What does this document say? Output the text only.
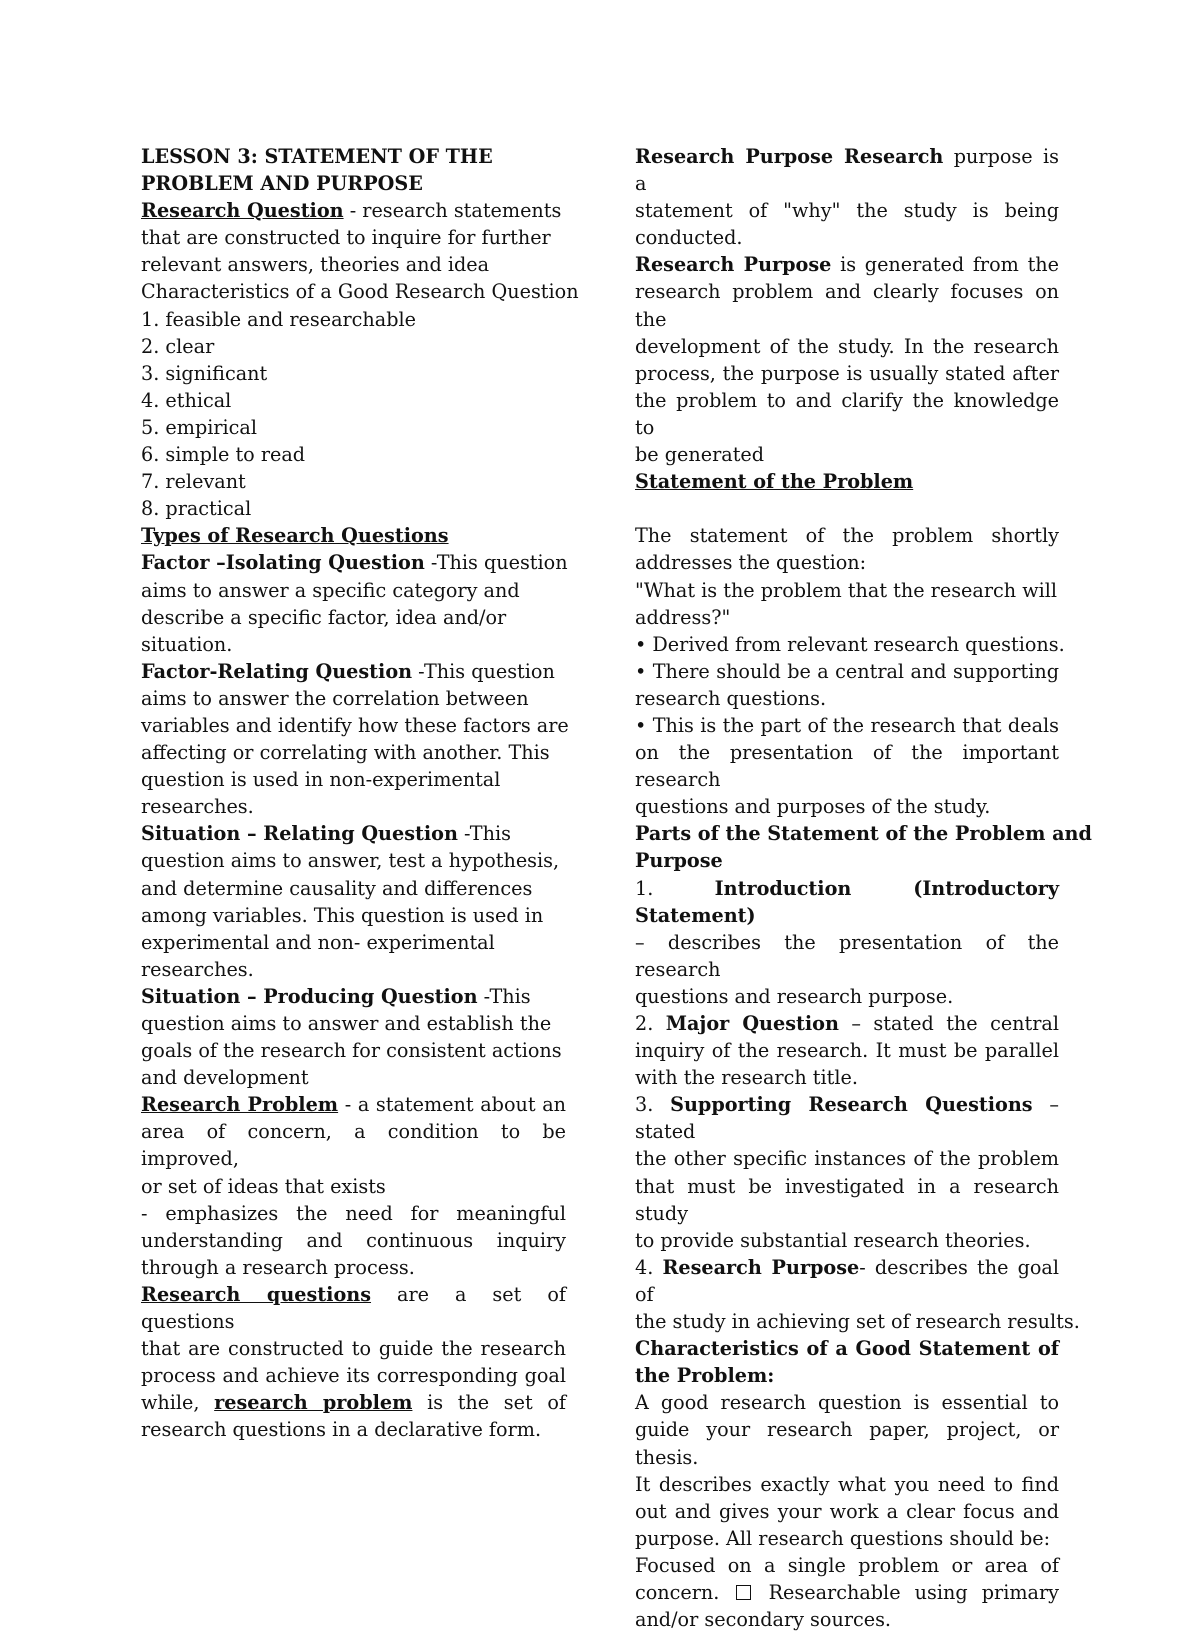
LESSON 3: STATEMENT OF THE

PROBLEM AND PURPOSE

Research Question - research statements

that are constructed to inquire for further

relevant answers, theories and idea

Characteristics of a Good Research Question

1. feasible and researchable

2. clear

3. significant

4. ethical

5. empirical

6. simple to read

7. relevant

8. practical

Types of Research Questions

Factor –Isolating Question -This question

aims to answer a specific category and

describe a specific factor, idea and/or

situation.

Factor-Relating Question -This question

aims to answer the correlation between

variables and identify how these factors are

affecting or correlating with another. This

question is used in non-experimental

researches.

Situation – Relating Question -This

question aims to answer, test a hypothesis,

and determine causality and differences

among variables. This question is used in

experimental and non- experimental

researches.

Situation – Producing Question -This

question aims to answer and establish the

goals of the research for consistent actions

and development

Research Problem - a statement about an

area of concern, a condition to be improved,

or set of ideas that exists

- emphasizes the need for meaningful

understanding and continuous inquiry

through a research process.

Research questions are a set of questions

that are constructed to guide the research

process and achieve its corresponding goal

while, research problem is the set of

research questions in a declarative form.

Research Purpose Research purpose is a

statement of "why" the study is being

conducted.

Research Purpose is generated from the

research problem and clearly focuses on the

development of the study. In the research

process, the purpose is usually stated after

the problem to and clarify the knowledge to

be generated

Statement of the Problem

The statement of the problem shortly

addresses the question:

"What is the problem that the research will

address?"

• Derived from relevant research questions.

• There should be a central and supporting

research questions.

• This is the part of the research that deals

on the presentation of the important research

questions and purposes of the study.

Parts of the Statement of the Problem and

Purpose

1. Introduction (Introductory Statement)

– describes the presentation of the research

questions and research purpose.

2. Major Question – stated the central

inquiry of the research. It must be parallel

with the research title.

3. Supporting Research Questions – stated

the other specific instances of the problem

that must be investigated in a research study

to provide substantial research theories.

4. Research Purpose- describes the goal of

the study in achieving set of research results.

Characteristics of a Good Statement of

the Problem:

A good research question is essential to

guide your research paper, project, or thesis.

It describes exactly what you need to find

out and gives your work a clear focus and

purpose. All research questions should be:

Focused on a single problem or area of

concern.  Researchable using primary

and/or secondary sources.
